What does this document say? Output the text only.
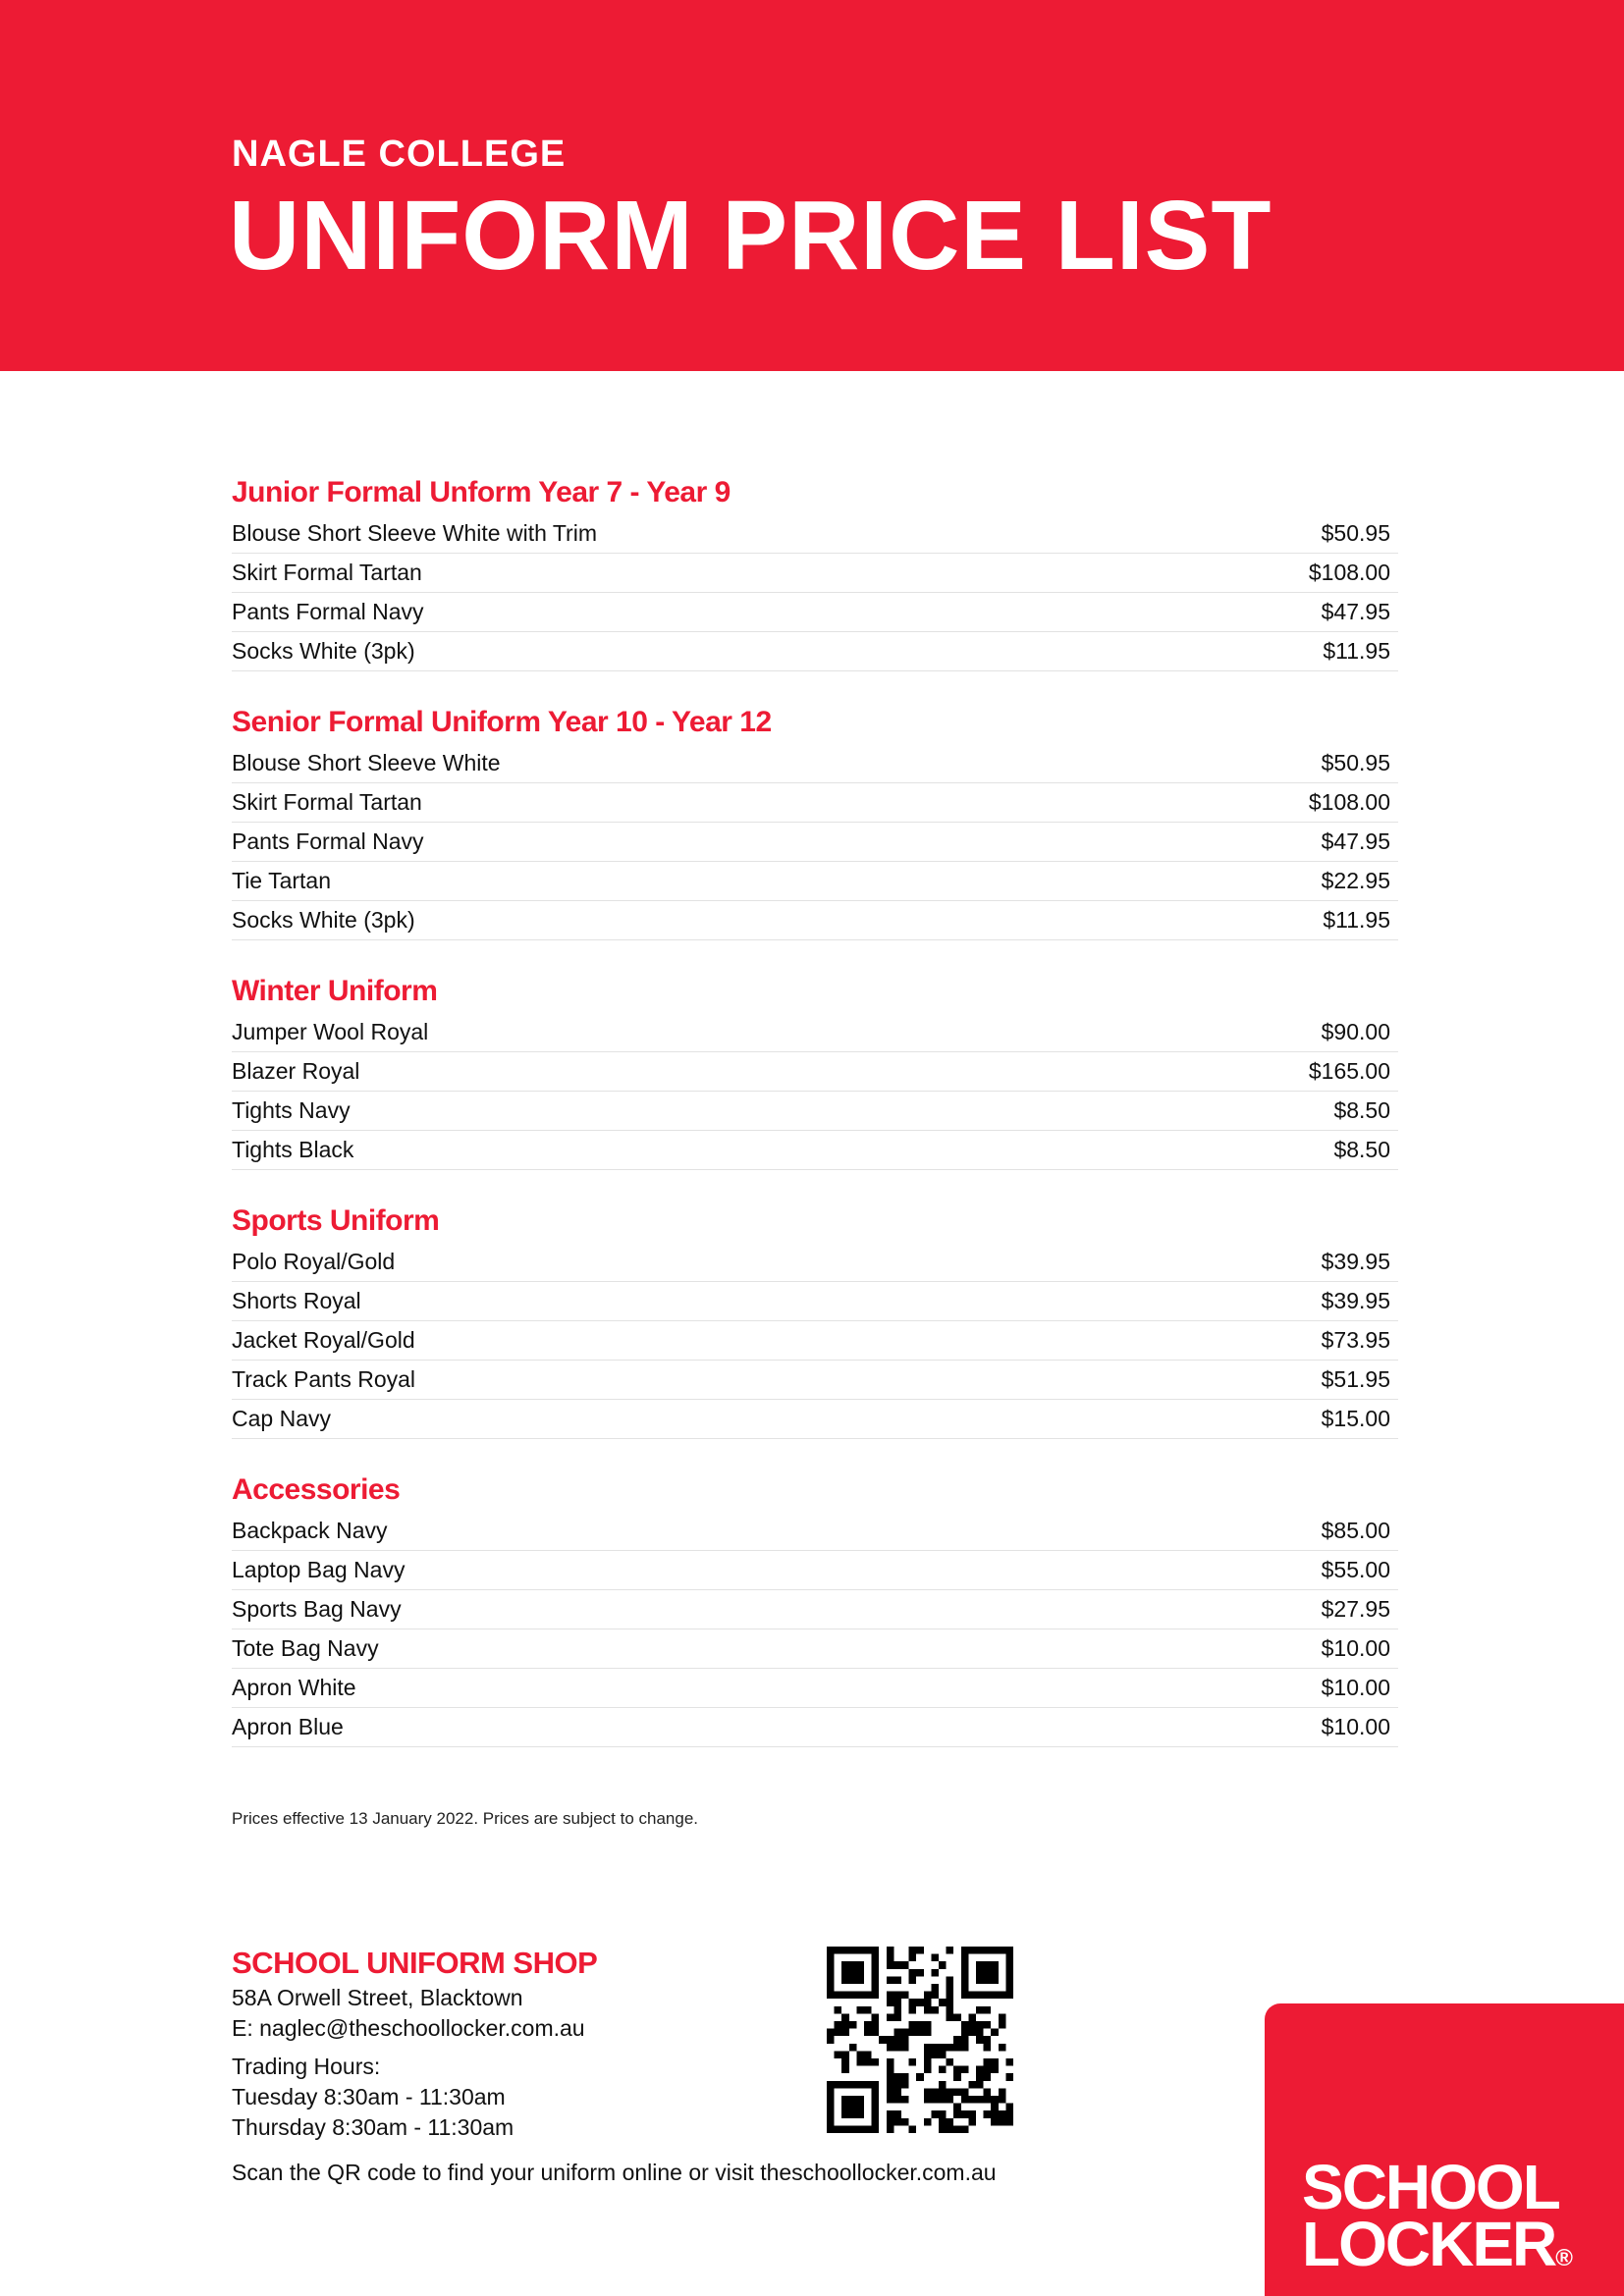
NAGLE COLLEGE
UNIFORM PRICE LIST
Junior Formal Unform Year 7 - Year 9
Blouse Short Sleeve White with Trim	$50.95
Skirt Formal Tartan	$108.00
Pants Formal Navy	$47.95
Socks White (3pk)	$11.95
Senior Formal Uniform Year 10 - Year 12
Blouse Short Sleeve White	$50.95
Skirt Formal Tartan	$108.00
Pants Formal Navy	$47.95
Tie Tartan	$22.95
Socks White (3pk)	$11.95
Winter Uniform
Jumper Wool Royal	$90.00
Blazer Royal	$165.00
Tights Navy	$8.50
Tights Black	$8.50
Sports Uniform
Polo Royal/Gold	$39.95
Shorts Royal	$39.95
Jacket Royal/Gold	$73.95
Track Pants Royal	$51.95
Cap Navy	$15.00
Accessories
Backpack Navy	$85.00
Laptop Bag Navy	$55.00
Sports Bag Navy	$27.95
Tote Bag Navy	$10.00
Apron White	$10.00
Apron Blue	$10.00
Prices effective 13 January 2022. Prices are subject to change.
SCHOOL UNIFORM SHOP
58A Orwell Street, Blacktown
E: naglec@theschoollocker.com.au
Trading Hours:
Tuesday 8:30am - 11:30am
Thursday 8:30am - 11:30am
Scan the QR code to find your uniform online or visit theschoollocker.com.au	SCHOOL
LOCKER®
